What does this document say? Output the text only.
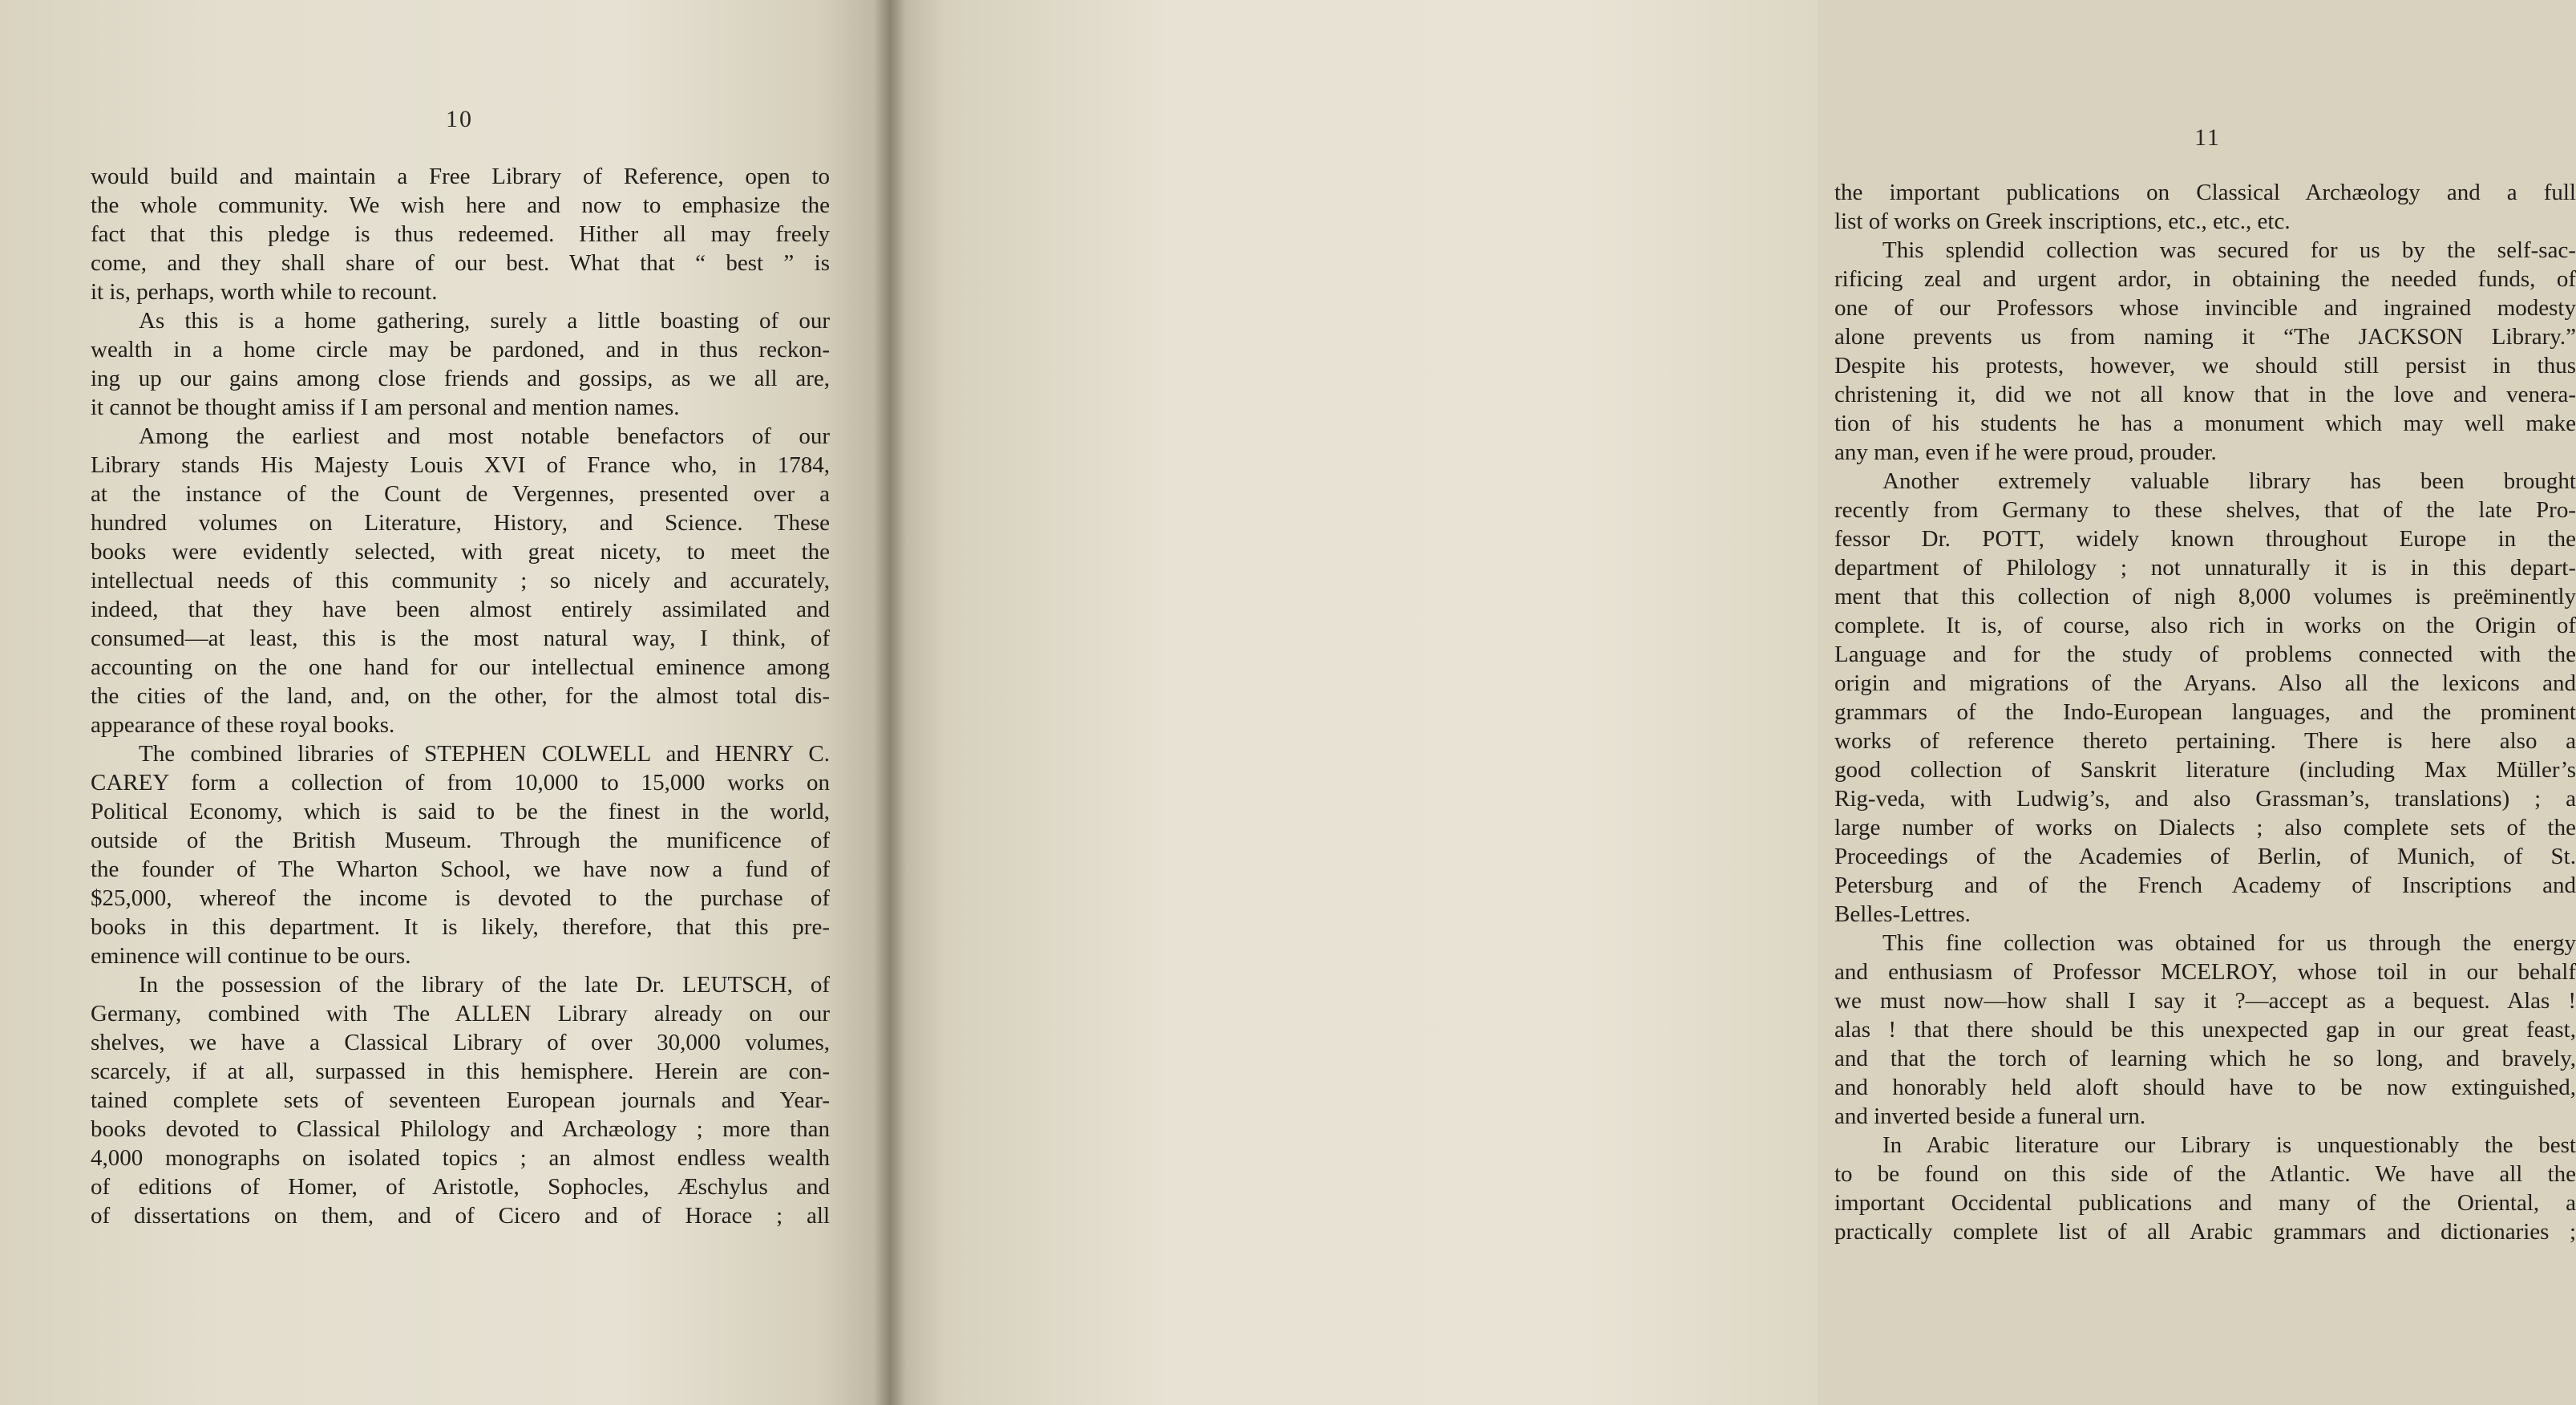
10
would build and maintain a Free Library of Reference, open to
the whole community. We wish here and now to emphasize the
fact that this pledge is thus redeemed. Hither all may freely
come, and they shall share of our best. What that “ best ” is
it is, perhaps, worth while to recount.
As this is a home gathering, surely a little boasting of our
wealth in a home circle may be pardoned, and in thus reckon-
ing up our gains among close friends and gossips, as we all are,
it cannot be thought amiss if I am personal and mention names.
Among the earliest and most notable benefactors of our
Library stands His Majesty Louis XVI of France who, in 1784,
at the instance of the Count de Vergennes, presented over a
hundred volumes on Literature, History, and Science. These
books were evidently selected, with great nicety, to meet the
intellectual needs of this community ; so nicely and accurately,
indeed, that they have been almost entirely assimilated and
consumed—at least, this is the most natural way, I think, of
accounting on the one hand for our intellectual eminence among
the cities of the land, and, on the other, for the almost total dis-
appearance of these royal books.
The combined libraries of STEPHEN COLWELL and HENRY C.
CAREY form a collection of from 10,000 to 15,000 works on
Political Economy, which is said to be the finest in the world,
outside of the British Museum. Through the munificence of
the founder of The Wharton School, we have now a fund of
$25,000, whereof the income is devoted to the purchase of
books in this department. It is likely, therefore, that this pre-
eminence will continue to be ours.
In the possession of the library of the late Dr. LEUTSCH, of
Germany, combined with The ALLEN Library already on our
shelves, we have a Classical Library of over 30,000 volumes,
scarcely, if at all, surpassed in this hemisphere. Herein are con-
tained complete sets of seventeen European journals and Year-
books devoted to Classical Philology and Archæology ; more than
4,000 monographs on isolated topics ; an almost endless wealth
of editions of Homer, of Aristotle, Sophocles, Æschylus and
of dissertations on them, and of Cicero and of Horace ; all
11
the important publications on Classical Archæology and a full
list of works on Greek inscriptions, etc., etc., etc.
This splendid collection was secured for us by the self-sac-
rificing zeal and urgent ardor, in obtaining the needed funds, of
one of our Professors whose invincible and ingrained modesty
alone prevents us from naming it “The JACKSON Library.”
Despite his protests, however, we should still persist in thus
christening it, did we not all know that in the love and venera-
tion of his students he has a monument which may well make
any man, even if he were proud, prouder.
Another extremely valuable library has been brought
recently from Germany to these shelves, that of the late Pro-
fessor Dr. POTT, widely known throughout Europe in the
department of Philology ; not unnaturally it is in this depart-
ment that this collection of nigh 8,000 volumes is preëminently
complete. It is, of course, also rich in works on the Origin of
Language and for the study of problems connected with the
origin and migrations of the Aryans. Also all the lexicons and
grammars of the Indo-European languages, and the prominent
works of reference thereto pertaining. There is here also a
good collection of Sanskrit literature (including Max Müller’s
Rig-veda, with Ludwig’s, and also Grassman’s, translations) ; a
large number of works on Dialects ; also complete sets of the
Proceedings of the Academies of Berlin, of Munich, of St.
Petersburg and of the French Academy of Inscriptions and
Belles-Lettres.
This fine collection was obtained for us through the energy
and enthusiasm of Professor MCELROY, whose toil in our behalf
we must now—how shall I say it ?—accept as a bequest. Alas !
alas ! that there should be this unexpected gap in our great feast,
and that the torch of learning which he so long, and bravely,
and honorably held aloft should have to be now extinguished,
and inverted beside a funeral urn.
In Arabic literature our Library is unquestionably the best
to be found on this side of the Atlantic. We have all the
important Occidental publications and many of the Oriental, a
practically complete list of all Arabic grammars and dictionaries ;
